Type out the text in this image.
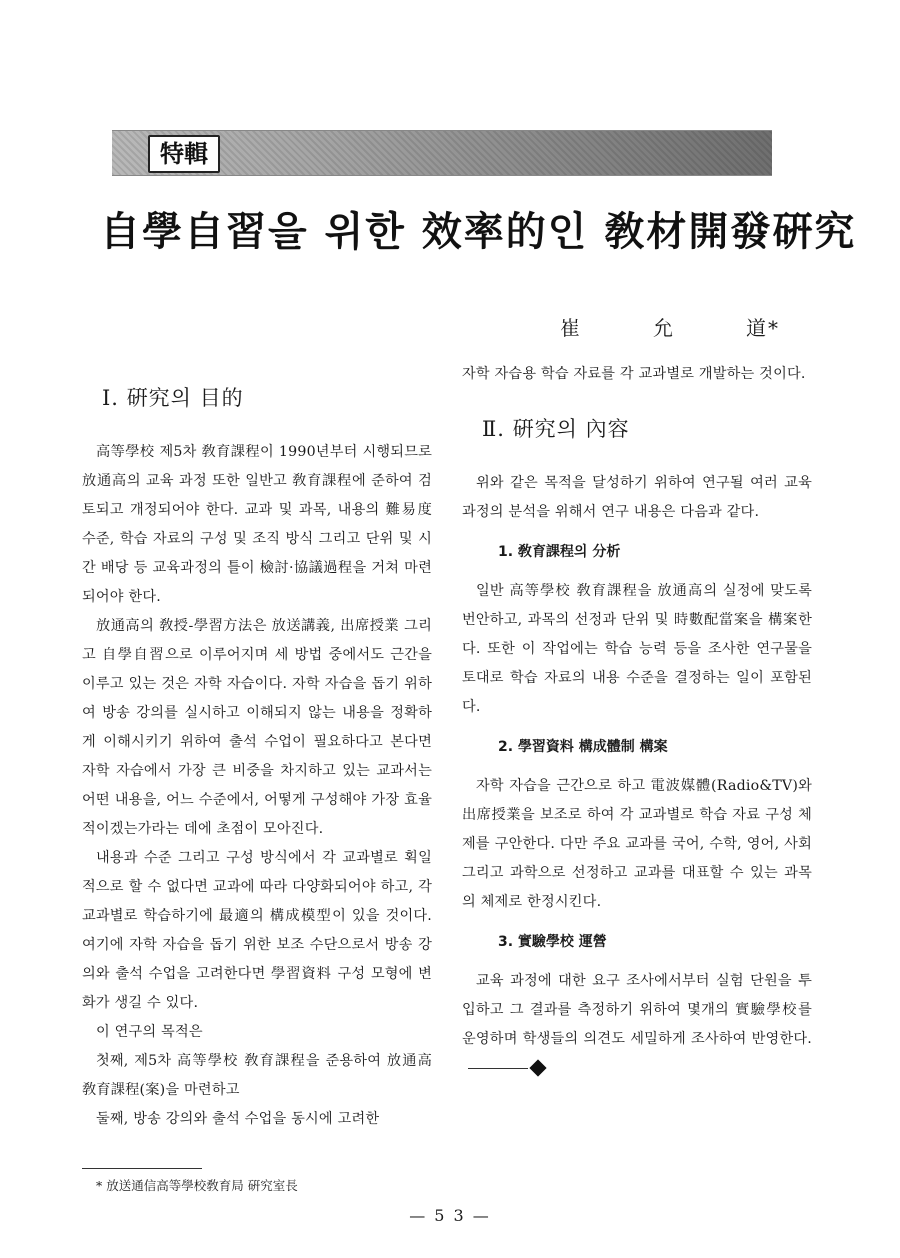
特輯
自學自習을 위한 效率的인 敎材開發硏究
崔	允	道*
Ⅰ. 硏究의 目的

高等學校 제5차 敎育課程이 1990년부터 시행되므로 放通高의 교육 과정 또한 일반고 敎育課程에 준하여 검토되고 개정되어야 한다. 교과 및 과목, 내용의 難易度 수준, 학습 자료의 구성 및 조직 방식 그리고 단위 및 시간 배당 등 교육과정의 틀이 檢討·協議過程을 거쳐 마련되어야 한다.

放通高의 敎授-學習方法은 放送講義, 出席授業 그리고 自學自習으로 이루어지며 세 방법 중에서도 근간을 이루고 있는 것은 자학 자습이다. 자학 자습을 돕기 위하여 방송 강의를 실시하고 이해되지 않는 내용을 정확하게 이해시키기 위하여 출석 수업이 필요하다고 본다면 자학 자습에서 가장 큰 비중을 차지하고 있는 교과서는 어떤 내용을, 어느 수준에서, 어떻게 구성해야 가장 효율적이겠는가라는 데에 초점이 모아진다.

내용과 수준 그리고 구성 방식에서 각 교과별로 획일적으로 할 수 없다면 교과에 따라 다양화되어야 하고, 각 교과별로 학습하기에 最適의 構成模型이 있을 것이다. 여기에 자학 자습을 돕기 위한 보조 수단으로서 방송 강의와 출석 수업을 고려한다면 學習資料 구성 모형에 변화가 생길 수 있다.

이 연구의 목적은

첫째, 제5차 高等學校 敎育課程을 준용하여 放通高 敎育課程(案)을 마련하고

둘째, 방송 강의와 출석 수업을 동시에 고려한

자학 자습용 학습 자료를 각 교과별로 개발하는 것이다.

Ⅱ. 硏究의 內容

위와 같은 목적을 달성하기 위하여 연구될 여러 교육 과정의 분석을 위해서 연구 내용은 다음과 같다.

1. 敎育課程의 分析

일반 高等學校 敎育課程을 放通高의 실정에 맞도록 번안하고, 과목의 선정과 단위 및 時數配當案을 構案한다. 또한 이 작업에는 학습 능력 등을 조사한 연구물을 토대로 학습 자료의 내용 수준을 결정하는 일이 포함된다.

2. 學習資料 構成體制 構案

자학 자습을 근간으로 하고 電波媒體(Radio&TV)와 出席授業을 보조로 하여 각 교과별로 학습 자료 구성 체제를 구안한다. 다만 주요 교과를 국어, 수학, 영어, 사회 그리고 과학으로 선정하고 교과를 대표할 수 있는 과목의 체제로 한정시킨다.

3. 實驗學校 運營

교육 과정에 대한 요구 조사에서부터 실험 단원을 투입하고 그 결과를 측정하기 위하여 몇개의 實驗學校를 운영하며 학생들의 의견도 세밀하게 조사하여 반영한다.

* 放送通信高等學校敎育局 硏究室長
— 5 3 —
